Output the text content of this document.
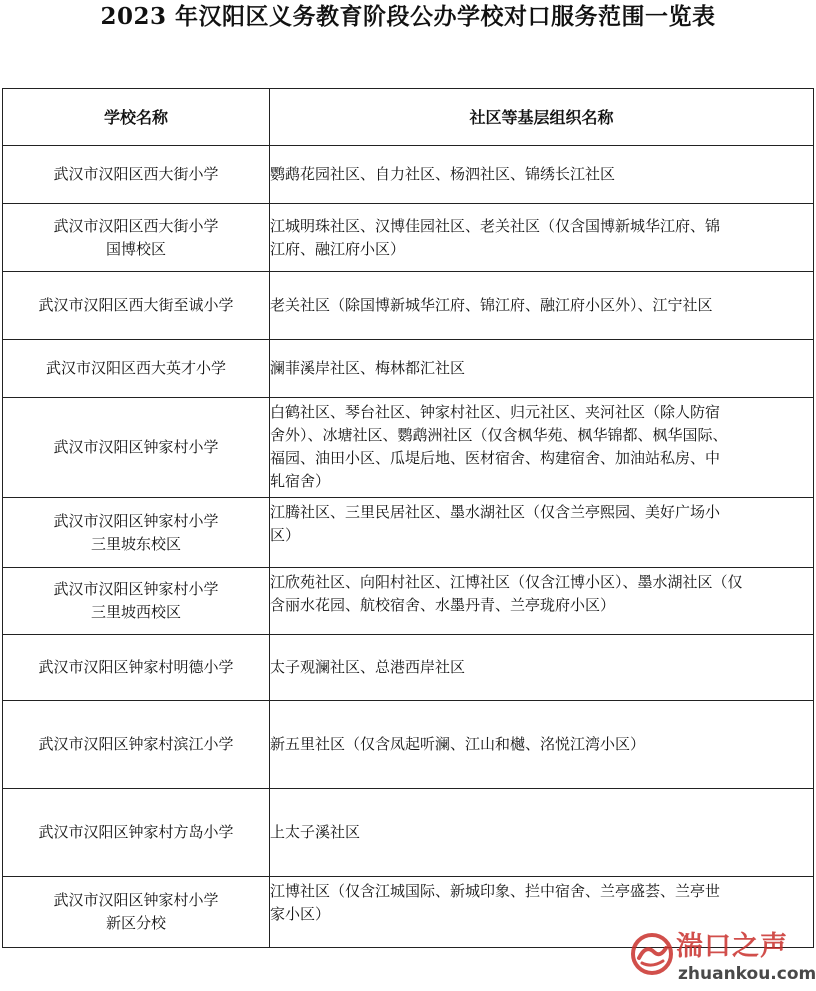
2023 年汉阳区义务教育阶段公办学校对口服务范围一览表
学校名称	社区等基层组织名称

武汉市汉阳区西大街小学	鹦鹉花园社区、自力社区、杨泗社区、锦绣长江社区

武汉市汉阳区西大街小学
国博校区	江城明珠社区、汉博佳园社区、老关社区（仅含国博新城华江府、锦
江府、融江府小区）

武汉市汉阳区西大街至诚小学	老关社区（除国博新城华江府、锦江府、融江府小区外）、江宁社区

武汉市汉阳区西大英才小学	澜菲溪岸社区、梅林都汇社区

武汉市汉阳区钟家村小学	白鹤社区、琴台社区、钟家村社区、归元社区、夹河社区（除人防宿
舍外）、冰塘社区、鹦鹉洲社区（仅含枫华苑、枫华锦都、枫华国际、
福园、油田小区、瓜堤后地、医材宿舍、构建宿舍、加油站私房、中
轧宿舍）

武汉市汉阳区钟家村小学
三里坡东校区	江腾社区、三里民居社区、墨水湖社区（仅含兰亭熙园、美好广场小
区）

武汉市汉阳区钟家村小学
三里坡西校区	江欣苑社区、向阳村社区、江博社区（仅含江博小区）、墨水湖社区（仅
含丽水花园、航校宿舍、水墨丹青、兰亭珑府小区）

武汉市汉阳区钟家村明德小学	太子观澜社区、总港西岸社区

武汉市汉阳区钟家村滨江小学	新五里社区（仅含凤起听澜、江山和樾、洺悦江湾小区）

武汉市汉阳区钟家村方岛小学	上太子溪社区

武汉市汉阳区钟家村小学
新区分校	江博社区（仅含江城国际、新城印象、拦中宿舍、兰亭盛荟、兰亭世
家小区）
湍口之声
zhuankou.com
